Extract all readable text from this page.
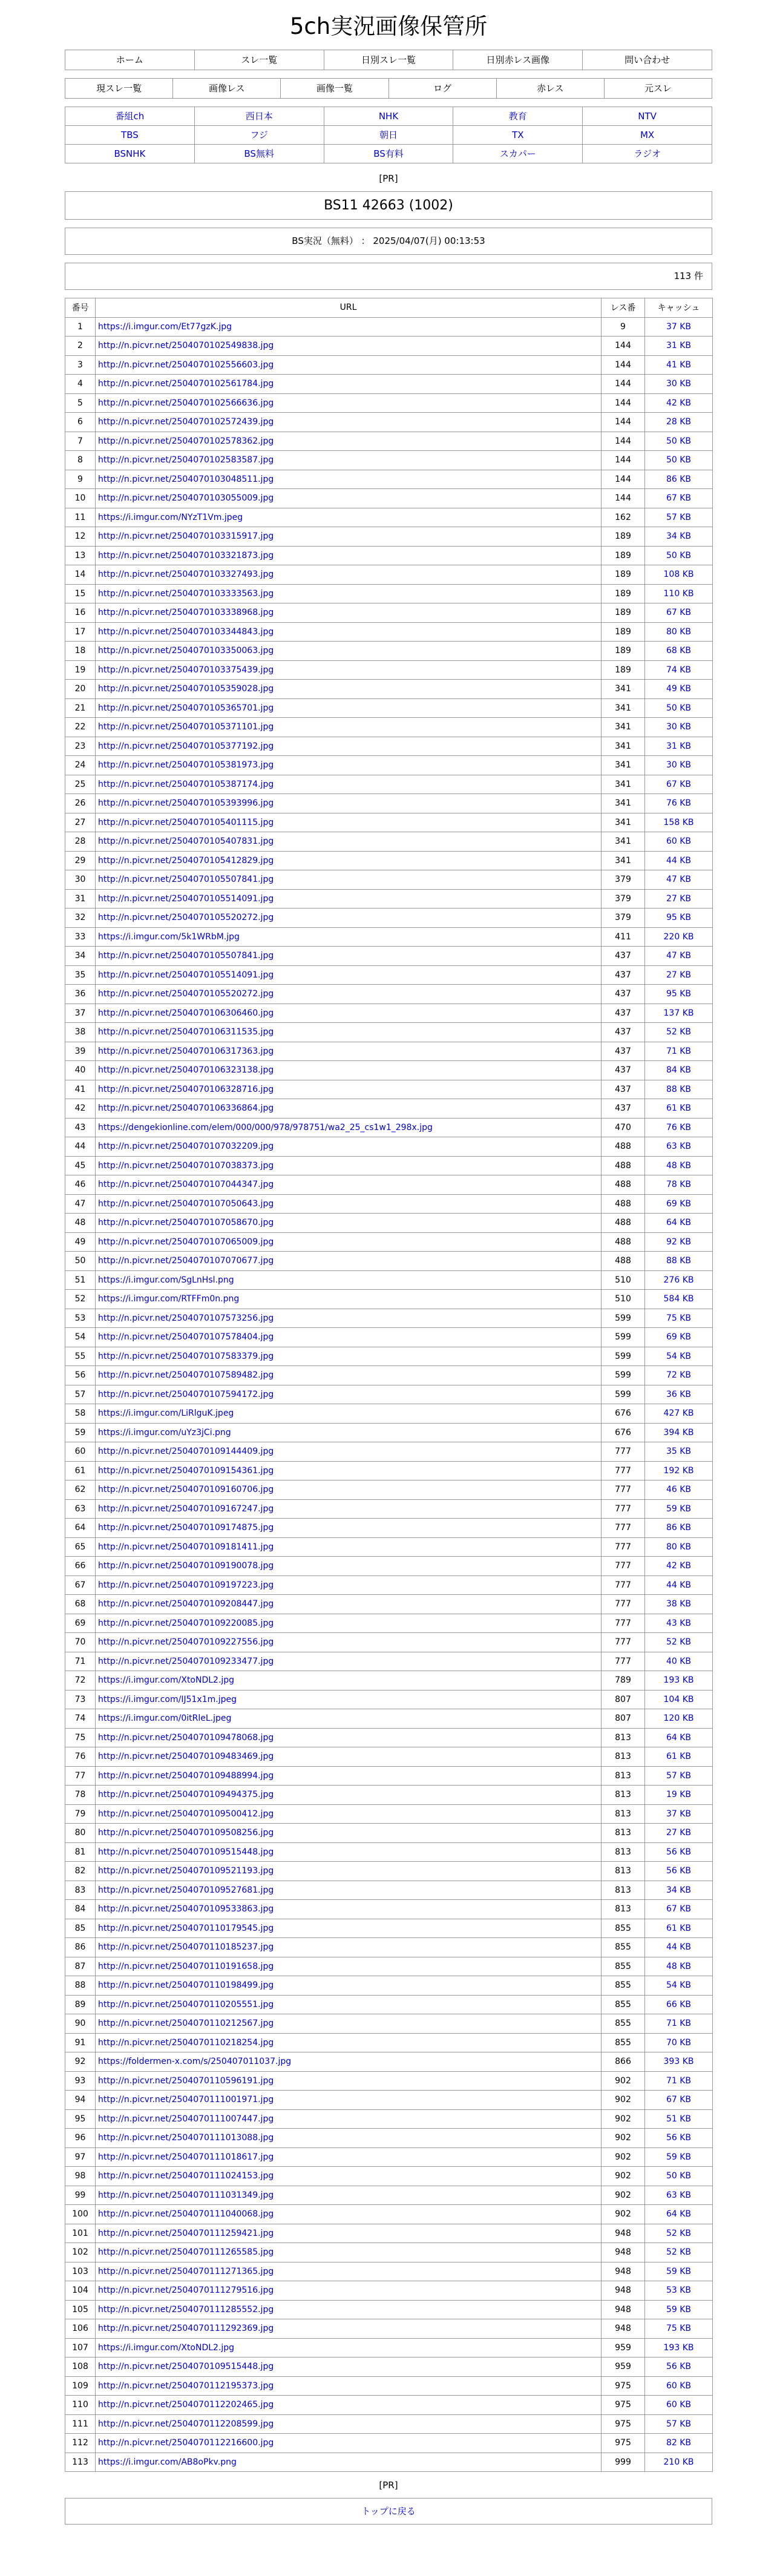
5ch実況画像保管所
ホーム	スレ一覧	日別スレ一覧	日別赤レス画像	問い合わせ
現スレ一覧	画像レス	画像一覧	ログ	赤レス	元スレ
番組ch	西日本	NHK	教育	NTV
TBS	フジ	朝日	TX	MX
BSNHK	BS無料	BS有料	スカパー	ラジオ
[PR]
BS11 42663 (1002)
BS実況（無料） ： 2025/04/07(月) 00:13:53
113 件
番号	URL	レス番	キャッシュ
1	https://i.imgur.com/Et77gzK.jpg	9	37 KB
2	http://n.picvr.net/2504070102549838.jpg	144	31 KB
3	http://n.picvr.net/2504070102556603.jpg	144	41 KB
4	http://n.picvr.net/2504070102561784.jpg	144	30 KB
5	http://n.picvr.net/2504070102566636.jpg	144	42 KB
6	http://n.picvr.net/2504070102572439.jpg	144	28 KB
7	http://n.picvr.net/2504070102578362.jpg	144	50 KB
8	http://n.picvr.net/2504070102583587.jpg	144	50 KB
9	http://n.picvr.net/2504070103048511.jpg	144	86 KB
10	http://n.picvr.net/2504070103055009.jpg	144	67 KB
11	https://i.imgur.com/NYzT1Vm.jpeg	162	57 KB
12	http://n.picvr.net/2504070103315917.jpg	189	34 KB
13	http://n.picvr.net/2504070103321873.jpg	189	50 KB
14	http://n.picvr.net/2504070103327493.jpg	189	108 KB
15	http://n.picvr.net/2504070103333563.jpg	189	110 KB
16	http://n.picvr.net/2504070103338968.jpg	189	67 KB
17	http://n.picvr.net/2504070103344843.jpg	189	80 KB
18	http://n.picvr.net/2504070103350063.jpg	189	68 KB
19	http://n.picvr.net/2504070103375439.jpg	189	74 KB
20	http://n.picvr.net/2504070105359028.jpg	341	49 KB
21	http://n.picvr.net/2504070105365701.jpg	341	50 KB
22	http://n.picvr.net/2504070105371101.jpg	341	30 KB
23	http://n.picvr.net/2504070105377192.jpg	341	31 KB
24	http://n.picvr.net/2504070105381973.jpg	341	30 KB
25	http://n.picvr.net/2504070105387174.jpg	341	67 KB
26	http://n.picvr.net/2504070105393996.jpg	341	76 KB
27	http://n.picvr.net/2504070105401115.jpg	341	158 KB
28	http://n.picvr.net/2504070105407831.jpg	341	60 KB
29	http://n.picvr.net/2504070105412829.jpg	341	44 KB
30	http://n.picvr.net/2504070105507841.jpg	379	47 KB
31	http://n.picvr.net/2504070105514091.jpg	379	27 KB
32	http://n.picvr.net/2504070105520272.jpg	379	95 KB
33	https://i.imgur.com/5k1WRbM.jpg	411	220 KB
34	http://n.picvr.net/2504070105507841.jpg	437	47 KB
35	http://n.picvr.net/2504070105514091.jpg	437	27 KB
36	http://n.picvr.net/2504070105520272.jpg	437	95 KB
37	http://n.picvr.net/2504070106306460.jpg	437	137 KB
38	http://n.picvr.net/2504070106311535.jpg	437	52 KB
39	http://n.picvr.net/2504070106317363.jpg	437	71 KB
40	http://n.picvr.net/2504070106323138.jpg	437	84 KB
41	http://n.picvr.net/2504070106328716.jpg	437	88 KB
42	http://n.picvr.net/2504070106336864.jpg	437	61 KB
43	https://dengekionline.com/elem/000/000/978/978751/wa2_25_cs1w1_298x.jpg	470	76 KB
44	http://n.picvr.net/2504070107032209.jpg	488	63 KB
45	http://n.picvr.net/2504070107038373.jpg	488	48 KB
46	http://n.picvr.net/2504070107044347.jpg	488	78 KB
47	http://n.picvr.net/2504070107050643.jpg	488	69 KB
48	http://n.picvr.net/2504070107058670.jpg	488	64 KB
49	http://n.picvr.net/2504070107065009.jpg	488	92 KB
50	http://n.picvr.net/2504070107070677.jpg	488	88 KB
51	https://i.imgur.com/SgLnHsl.png	510	276 KB
52	https://i.imgur.com/RTFFm0n.png	510	584 KB
53	http://n.picvr.net/2504070107573256.jpg	599	75 KB
54	http://n.picvr.net/2504070107578404.jpg	599	69 KB
55	http://n.picvr.net/2504070107583379.jpg	599	54 KB
56	http://n.picvr.net/2504070107589482.jpg	599	72 KB
57	http://n.picvr.net/2504070107594172.jpg	599	36 KB
58	https://i.imgur.com/LiRlguK.jpeg	676	427 KB
59	https://i.imgur.com/uYz3jCi.png	676	394 KB
60	http://n.picvr.net/2504070109144409.jpg	777	35 KB
61	http://n.picvr.net/2504070109154361.jpg	777	192 KB
62	http://n.picvr.net/2504070109160706.jpg	777	46 KB
63	http://n.picvr.net/2504070109167247.jpg	777	59 KB
64	http://n.picvr.net/2504070109174875.jpg	777	86 KB
65	http://n.picvr.net/2504070109181411.jpg	777	80 KB
66	http://n.picvr.net/2504070109190078.jpg	777	42 KB
67	http://n.picvr.net/2504070109197223.jpg	777	44 KB
68	http://n.picvr.net/2504070109208447.jpg	777	38 KB
69	http://n.picvr.net/2504070109220085.jpg	777	43 KB
70	http://n.picvr.net/2504070109227556.jpg	777	52 KB
71	http://n.picvr.net/2504070109233477.jpg	777	40 KB
72	https://i.imgur.com/XtoNDL2.jpg	789	193 KB
73	https://i.imgur.com/IJ51x1m.jpeg	807	104 KB
74	https://i.imgur.com/0itRleL.jpeg	807	120 KB
75	http://n.picvr.net/2504070109478068.jpg	813	64 KB
76	http://n.picvr.net/2504070109483469.jpg	813	61 KB
77	http://n.picvr.net/2504070109488994.jpg	813	57 KB
78	http://n.picvr.net/2504070109494375.jpg	813	19 KB
79	http://n.picvr.net/2504070109500412.jpg	813	37 KB
80	http://n.picvr.net/2504070109508256.jpg	813	27 KB
81	http://n.picvr.net/2504070109515448.jpg	813	56 KB
82	http://n.picvr.net/2504070109521193.jpg	813	56 KB
83	http://n.picvr.net/2504070109527681.jpg	813	34 KB
84	http://n.picvr.net/2504070109533863.jpg	813	67 KB
85	http://n.picvr.net/2504070110179545.jpg	855	61 KB
86	http://n.picvr.net/2504070110185237.jpg	855	44 KB
87	http://n.picvr.net/2504070110191658.jpg	855	48 KB
88	http://n.picvr.net/2504070110198499.jpg	855	54 KB
89	http://n.picvr.net/2504070110205551.jpg	855	66 KB
90	http://n.picvr.net/2504070110212567.jpg	855	71 KB
91	http://n.picvr.net/2504070110218254.jpg	855	70 KB
92	https://foldermen-x.com/s/250407011037.jpg	866	393 KB
93	http://n.picvr.net/2504070110596191.jpg	902	71 KB
94	http://n.picvr.net/2504070111001971.jpg	902	67 KB
95	http://n.picvr.net/2504070111007447.jpg	902	51 KB
96	http://n.picvr.net/2504070111013088.jpg	902	56 KB
97	http://n.picvr.net/2504070111018617.jpg	902	59 KB
98	http://n.picvr.net/2504070111024153.jpg	902	50 KB
99	http://n.picvr.net/2504070111031349.jpg	902	63 KB
100	http://n.picvr.net/2504070111040068.jpg	902	64 KB
101	http://n.picvr.net/2504070111259421.jpg	948	52 KB
102	http://n.picvr.net/2504070111265585.jpg	948	52 KB
103	http://n.picvr.net/2504070111271365.jpg	948	59 KB
104	http://n.picvr.net/2504070111279516.jpg	948	53 KB
105	http://n.picvr.net/2504070111285552.jpg	948	59 KB
106	http://n.picvr.net/2504070111292369.jpg	948	75 KB
107	https://i.imgur.com/XtoNDL2.jpg	959	193 KB
108	http://n.picvr.net/2504070109515448.jpg	959	56 KB
109	http://n.picvr.net/2504070112195373.jpg	975	60 KB
110	http://n.picvr.net/2504070112202465.jpg	975	60 KB
111	http://n.picvr.net/2504070112208599.jpg	975	57 KB
112	http://n.picvr.net/2504070112216600.jpg	975	82 KB
113	https://i.imgur.com/AB8oPkv.png	999	210 KB
[PR]
トップに戻る
